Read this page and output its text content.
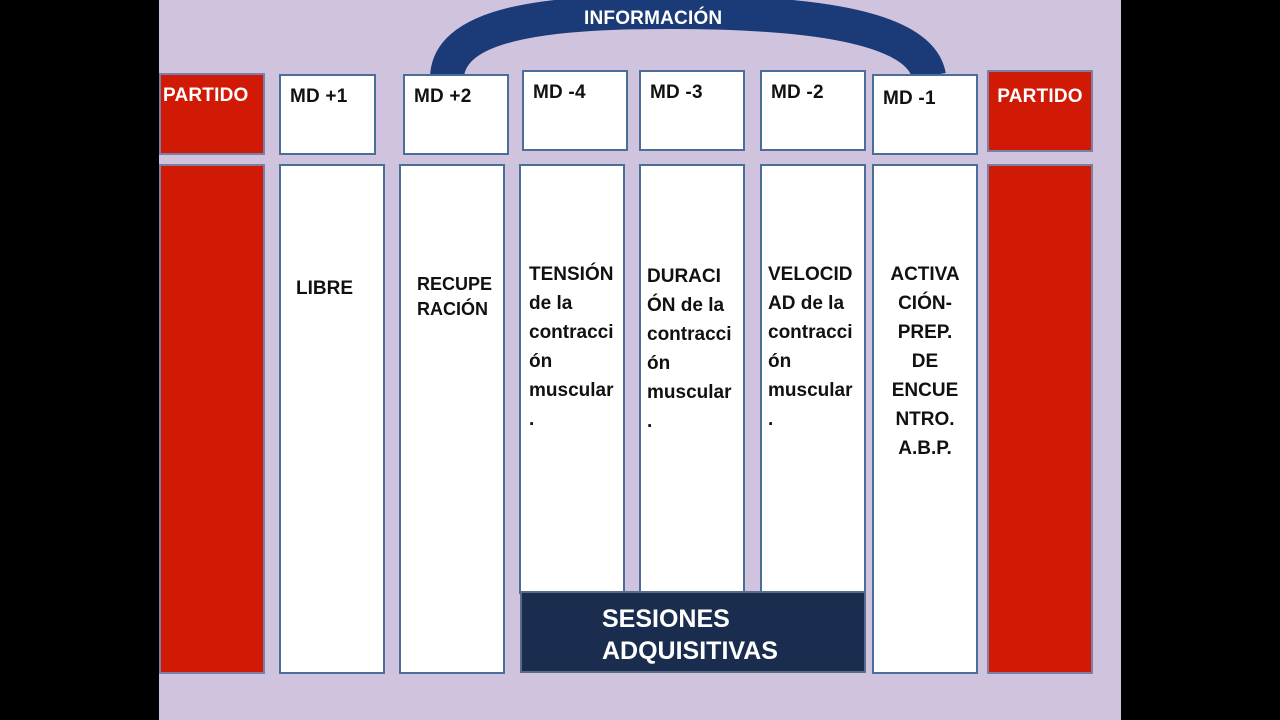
INFORMACIÓN
PARTIDO	MD +1
LIBRE
MD +2
RECUPE
RACIÓN
MD -4
TENSIÓN
de la
contracci
ón
muscular
.
MD -3
DURACI
ÓN de la
contracci
ón
muscular
.
MD -2
VELOCID
AD de la
contracci
ón
muscular
.
MD -1
ACTIVA
CIÓN-
PREP.
DE
ENCUE
NTRO.
A.B.P.
PARTIDO
SESIONES
ADQUISITIVAS
